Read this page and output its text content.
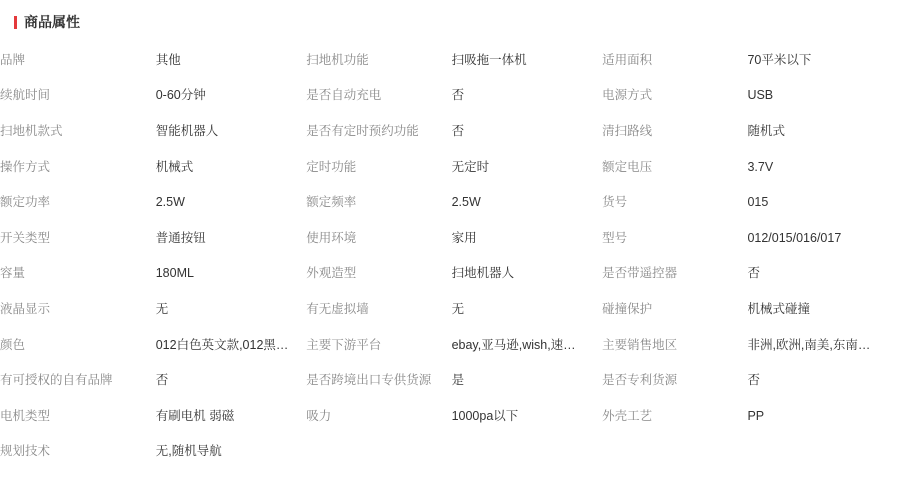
商品属性
品牌	其他	扫地机功能	扫吸拖一体机	适用面积	70平米以下
续航时间	0-60分钟	是否自动充电	否	电源方式	USB
扫地机款式	智能机器人	是否有定时预约功能	否	清扫路线	随机式
操作方式	机械式	定时功能	无定时	额定电压	3.7V
额定功率	2.5W	额定频率	2.5W	货号	015
开关类型	普通按钮	使用环境	家用	型号	012/015/016/017
容量	180ML	外观造型	扫地机器人	是否带遥控器	否
液晶显示	无	有无虚拟墙	无	碰撞保护	机械式碰撞
颜色	012白色英文款,012黑…	主要下游平台	ebay,亚马逊,wish,速…	主要销售地区	非洲,欧洲,南美,东南…
有可授权的自有品牌	否	是否跨境出口专供货源	是	是否专利货源	否
电机类型	有刷电机 弱磁	吸力	1000pa以下	外壳工艺	PP
规划技术	无,随机导航				
